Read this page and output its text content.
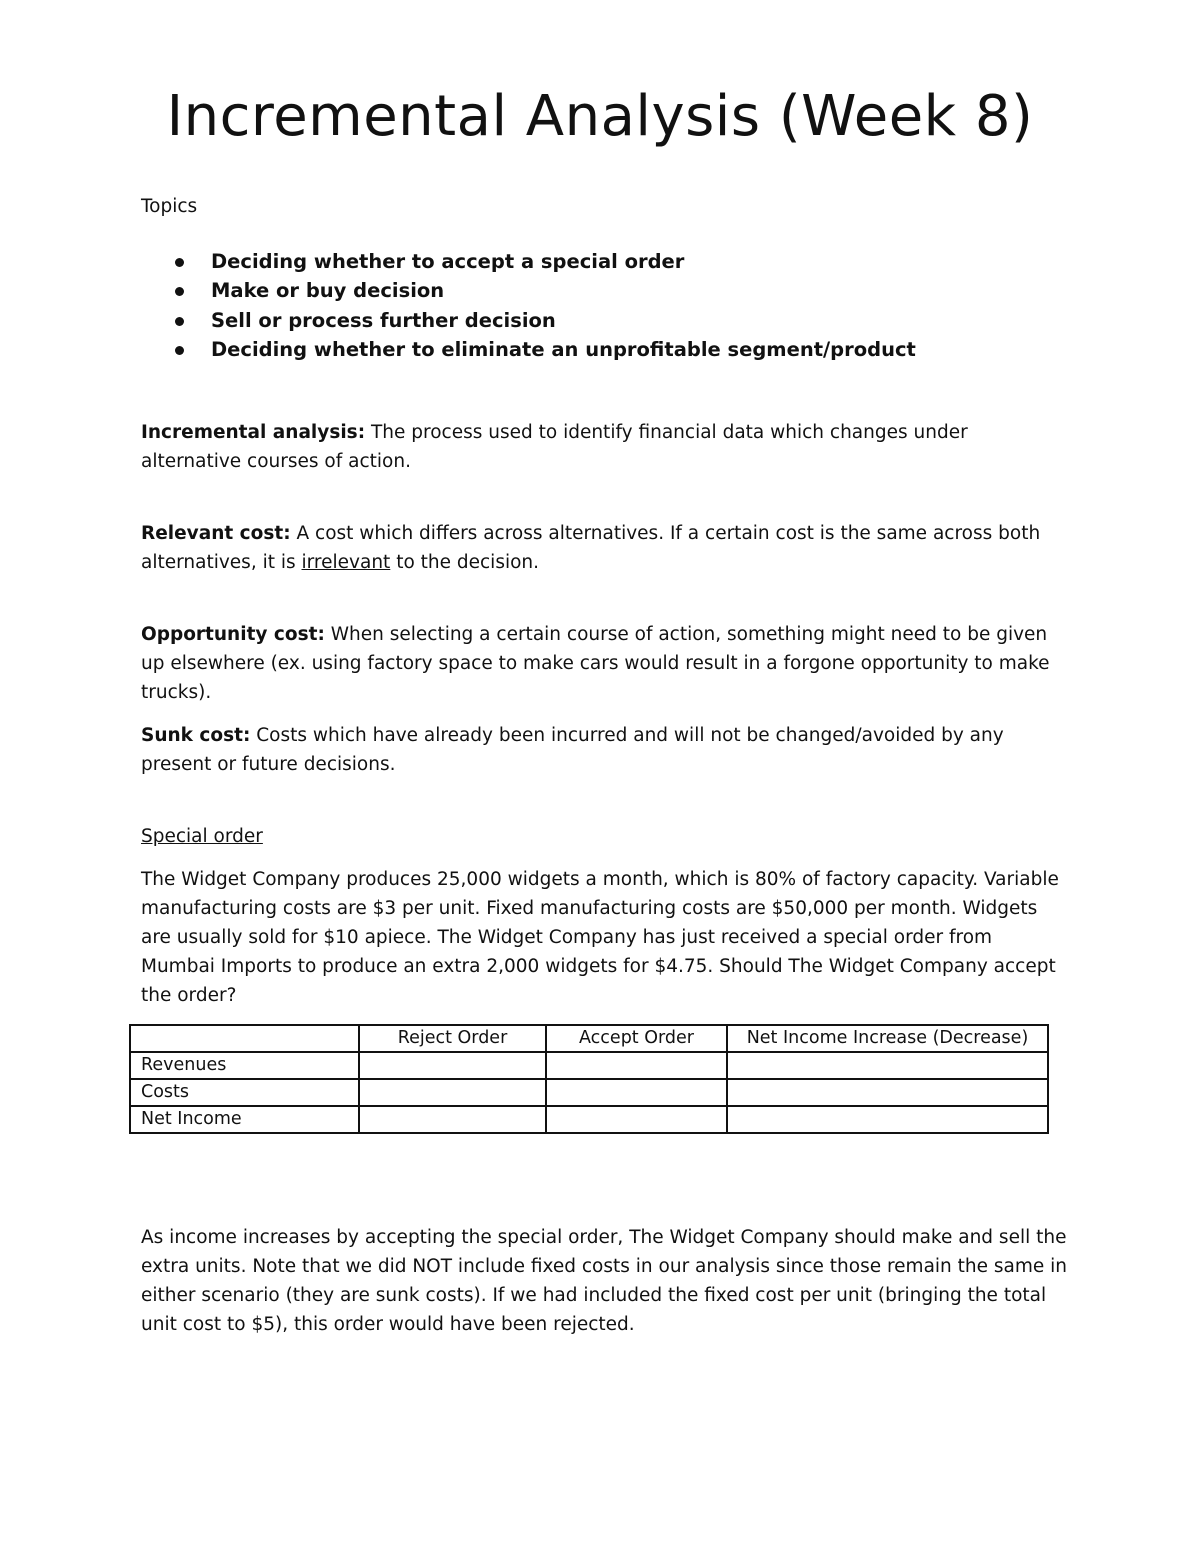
Incremental Analysis (Week 8)

Topics

Deciding whether to accept a special order
Make or buy decision
Sell or process further decision
Deciding whether to eliminate an unprofitable segment/product

Incremental analysis: The process used to identify financial data which changes under alternative courses of action.

Relevant cost: A cost which differs across alternatives. If a certain cost is the same across both alternatives, it is irrelevant to the decision.

Opportunity cost: When selecting a certain course of action, something might need to be given up elsewhere (ex. using factory space to make cars would result in a forgone opportunity to make trucks).

Sunk cost: Costs which have already been incurred and will not be changed/avoided by any present or future decisions.

Special order

The Widget Company produces 25,000 widgets a month, which is 80% of factory capacity. Variable manufacturing costs are $3 per unit. Fixed manufacturing costs are $50,000 per month. Widgets are usually sold for $10 apiece. The Widget Company has just received a special order from Mumbai Imports to produce an extra 2,000 widgets for $4.75. Should The Widget Company accept the order?

	Reject Order	Accept Order	Net Income Increase (Decrease)
Revenues			
Costs			
Net Income			

As income increases by accepting the special order, The Widget Company should make and sell the extra units. Note that we did NOT include fixed costs in our analysis since those remain the same in either scenario (they are sunk costs). If we had included the fixed cost per unit (bringing the total unit cost to $5), this order would have been rejected.
